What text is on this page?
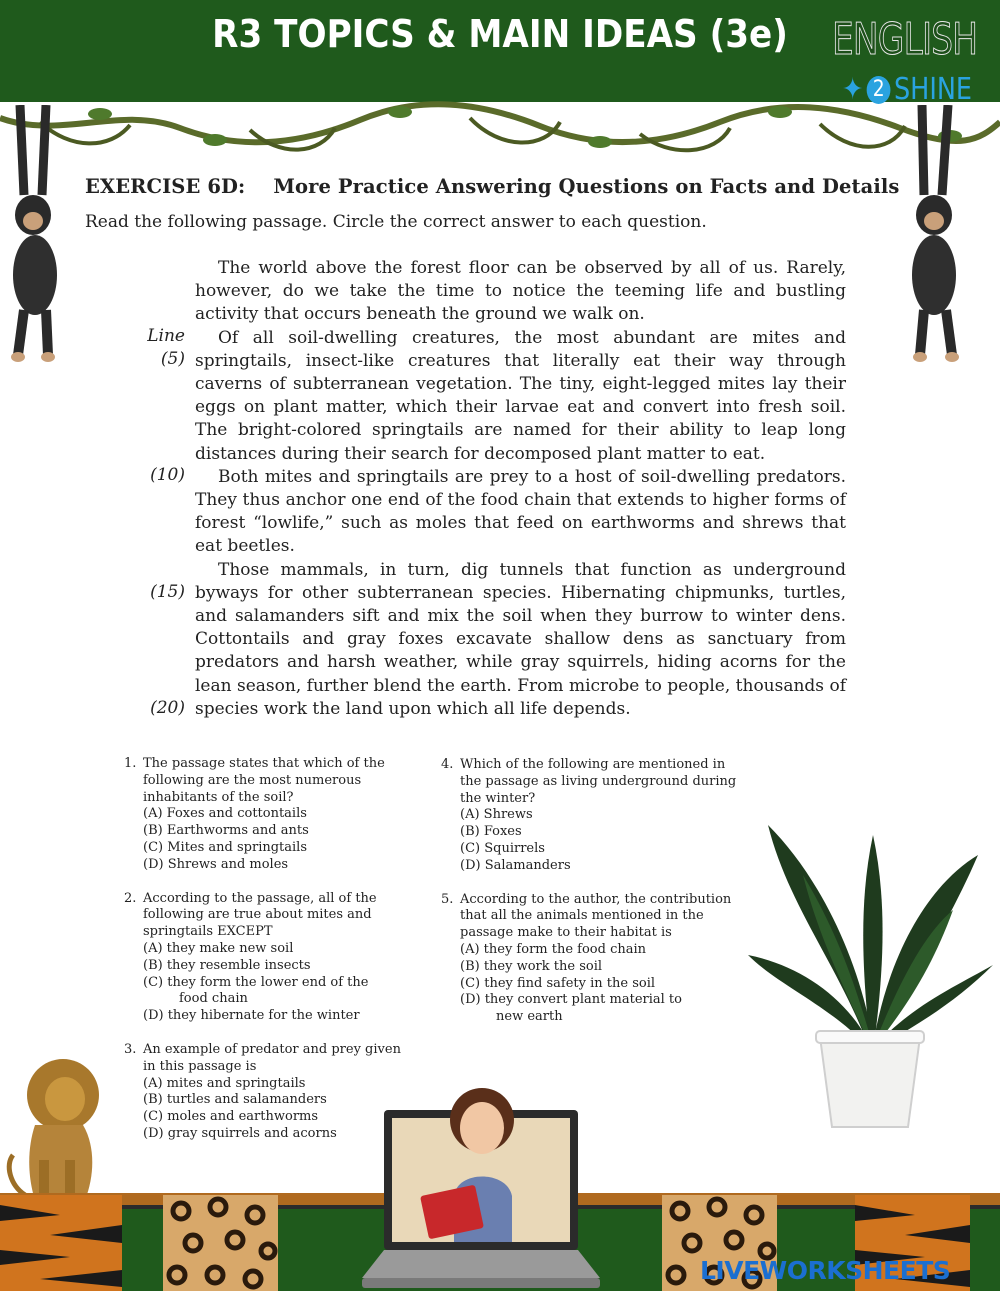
R3 TOPICS & MAIN IDEAS (3e)	ENGLISH
✦ 2 SHINE
EXERCISE 6D: More Practice Answering Questions on Facts and Details
Read the following passage. Circle the correct answer to each question.
Line
(5)
(10)
(15)
(20)

The world above the forest floor can be observed by all of us. Rarely, however, do we take the time to notice the teeming life and bustling activity that occurs beneath the ground we walk on.

Of all soil-dwelling creatures, the most abundant are mites and springtails, insect-like creatures that literally eat their way through caverns of subterranean vegetation. The tiny, eight-legged mites lay their eggs on plant matter, which their larvae eat and convert into fresh soil. The bright-colored springtails are named for their ability to leap long distances during their search for decomposed plant matter to eat.

Both mites and springtails are prey to a host of soil-dwelling predators. They thus anchor one end of the food chain that extends to higher forms of forest “lowlife,” such as moles that feed on earthworms and shrews that eat beetles.

Those mammals, in turn, dig tunnels that function as underground byways for other subterranean species. Hibernating chipmunks, turtles, and salamanders sift and mix the soil when they burrow to winter dens. Cottontails and gray foxes excavate shallow dens as sanctuary from predators and harsh weather, while gray squirrels, hiding acorns for the lean season, further blend the earth. From microbe to people, thousands of species work the land upon which all life depends.

1. The passage states that which of the
following are the most numerous
inhabitants of the soil?
(A) Foxes and cottontails
(B) Earthworms and ants
(C) Mites and springtails
(D) Shrews and moles
2. According to the passage, all of the
following are true about mites and
springtails EXCEPT
(A) they make new soil
(B) they resemble insects
(C) they form the lower end of the
food chain
(D) they hibernate for the winter
3. An example of predator and prey given
in this passage is
(A) mites and springtails
(B) turtles and salamanders
(C) moles and earthworms
(D) gray squirrels and acorns
4. Which of the following are mentioned in
the passage as living underground during
the winter?
(A) Shrews
(B) Foxes
(C) Squirrels
(D) Salamanders
5. According to the author, the contribution
that all the animals mentioned in the
passage make to their habitat is
(A) they form the food chain
(B) they work the soil
(C) they find safety in the soil
(D) they convert plant material to
new earth
LIVEWORKSHEETS
